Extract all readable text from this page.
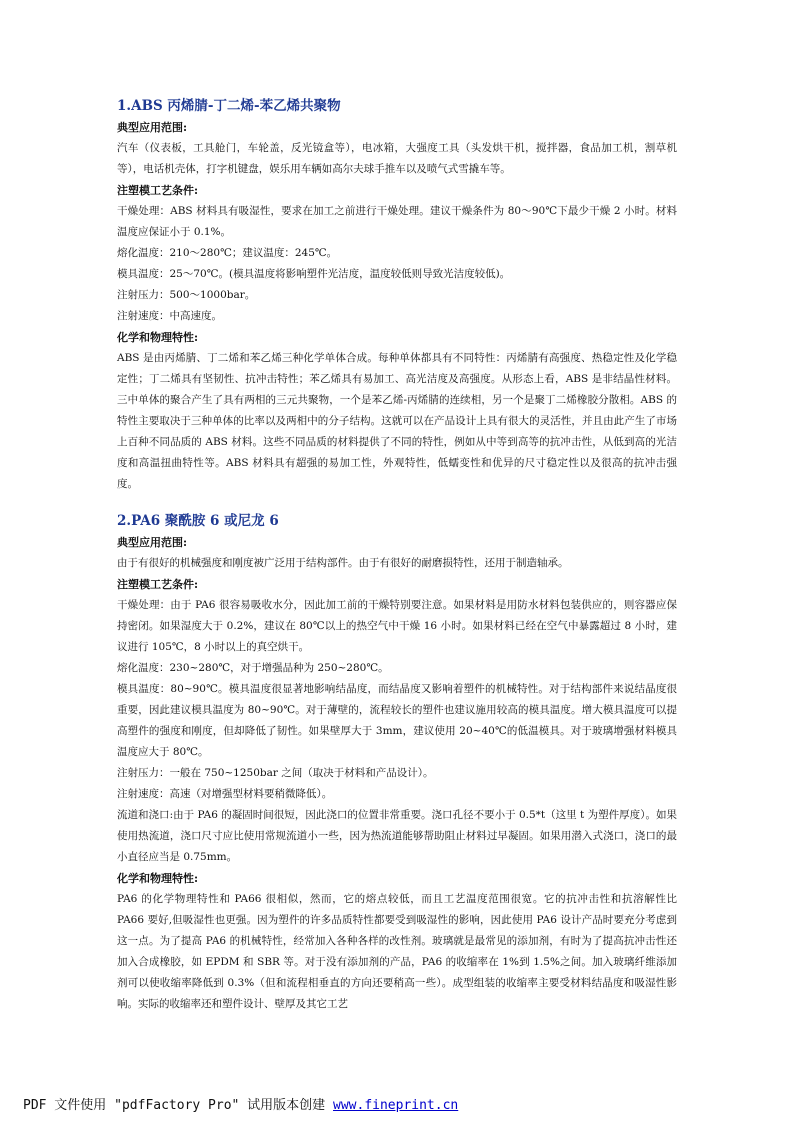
1.ABS 丙烯腈-丁二烯-苯乙烯共聚物
典型应用范围:

汽车（仪表板，工具舱门，车轮盖，反光镜盒等），电冰箱，大强度工具（头发烘干机，搅拌器，食品加工机，割草机等），电话机壳体，打字机键盘，娱乐用车辆如高尔夫球手推车以及喷气式雪撬车等。

注塑模工艺条件:

干燥处理：ABS 材料具有吸湿性，要求在加工之前进行干燥处理。建议干燥条件为 80～90℃下最少干燥 2 小时。材料温度应保证小于 0.1%。

熔化温度：210～280℃；建议温度：245℃。

模具温度：25～70℃。(模具温度将影响塑件光洁度，温度较低则导致光洁度较低)。

注射压力：500～1000bar。

注射速度：中高速度。

化学和物理特性:

ABS 是由丙烯腈、丁二烯和苯乙烯三种化学单体合成。每种单体都具有不同特性：丙烯腈有高强度、热稳定性及化学稳定性；丁二烯具有坚韧性、抗冲击特性；苯乙烯具有易加工、高光洁度及高强度。从形态上看，ABS 是非结晶性材料。三中单体的聚合产生了具有两相的三元共聚物，一个是苯乙烯-丙烯腈的连续相，另一个是聚丁二烯橡胶分散相。ABS 的特性主要取决于三种单体的比率以及两相中的分子结构。这就可以在产品设计上具有很大的灵活性，并且由此产生了市场上百种不同品质的 ABS 材料。这些不同品质的材料提供了不同的特性，例如从中等到高等的抗冲击性，从低到高的光洁度和高温扭曲特性等。ABS 材料具有超强的易加工性，外观特性，低蠕变性和优异的尺寸稳定性以及很高的抗冲击强度。

2.PA6 聚酰胺 6 或尼龙 6
典型应用范围:

由于有很好的机械强度和刚度被广泛用于结构部件。由于有很好的耐磨损特性，还用于制造轴承。

注塑模工艺条件:

干燥处理：由于 PA6 很容易吸收水分，因此加工前的干燥特别要注意。如果材料是用防水材料包装供应的，则容器应保持密闭。如果湿度大于 0.2%，建议在 80℃以上的热空气中干燥 16 小时。如果材料已经在空气中暴露超过 8 小时，建议进行 105℃，8 小时以上的真空烘干。

熔化温度：230~280℃，对于增强品种为 250~280℃。

模具温度：80~90℃。模具温度很显著地影响结晶度，而结晶度又影响着塑件的机械特性。对于结构部件来说结晶度很重要，因此建议模具温度为 80~90℃。对于薄壁的，流程较长的塑件也建议施用较高的模具温度。增大模具温度可以提高塑件的强度和刚度，但却降低了韧性。如果壁厚大于 3mm，建议使用 20~40℃的低温模具。对于玻璃增强材料模具温度应大于 80℃。

注射压力：一般在 750~1250bar 之间（取决于材料和产品设计）。

注射速度：高速（对增强型材料要稍微降低）。

流道和浇口:由于 PA6 的凝固时间很短，因此浇口的位置非常重要。浇口孔径不要小于 0.5*t（这里 t 为塑件厚度）。如果使用热流道，浇口尺寸应比使用常规流道小一些，因为热流道能够帮助阻止材料过早凝固。如果用潜入式浇口，浇口的最小直径应当是 0.75mm。

化学和物理特性:

PA6 的化学物理特性和 PA66 很相似，然而，它的熔点较低，而且工艺温度范围很宽。它的抗冲击性和抗溶解性比 PA66 要好,但吸湿性也更强。因为塑件的许多品质特性都要受到吸湿性的影响，因此使用 PA6 设计产品时要充分考虑到这一点。为了提高 PA6 的机械特性，经常加入各种各样的改性剂。玻璃就是最常见的添加剂，有时为了提高抗冲击性还加入合成橡胶，如 EPDM 和 SBR 等。对于没有添加剂的产品，PA6 的收缩率在 1%到 1.5%之间。加入玻璃纤维添加剂可以使收缩率降低到 0.3%（但和流程相垂直的方向还要稍高一些）。成型组装的收缩率主要受材料结晶度和吸湿性影响。实际的收缩率还和塑件设计、壁厚及其它工艺

PDF 文件使用 "pdfFactory Pro" 试用版本创建 www.fineprint.cn
